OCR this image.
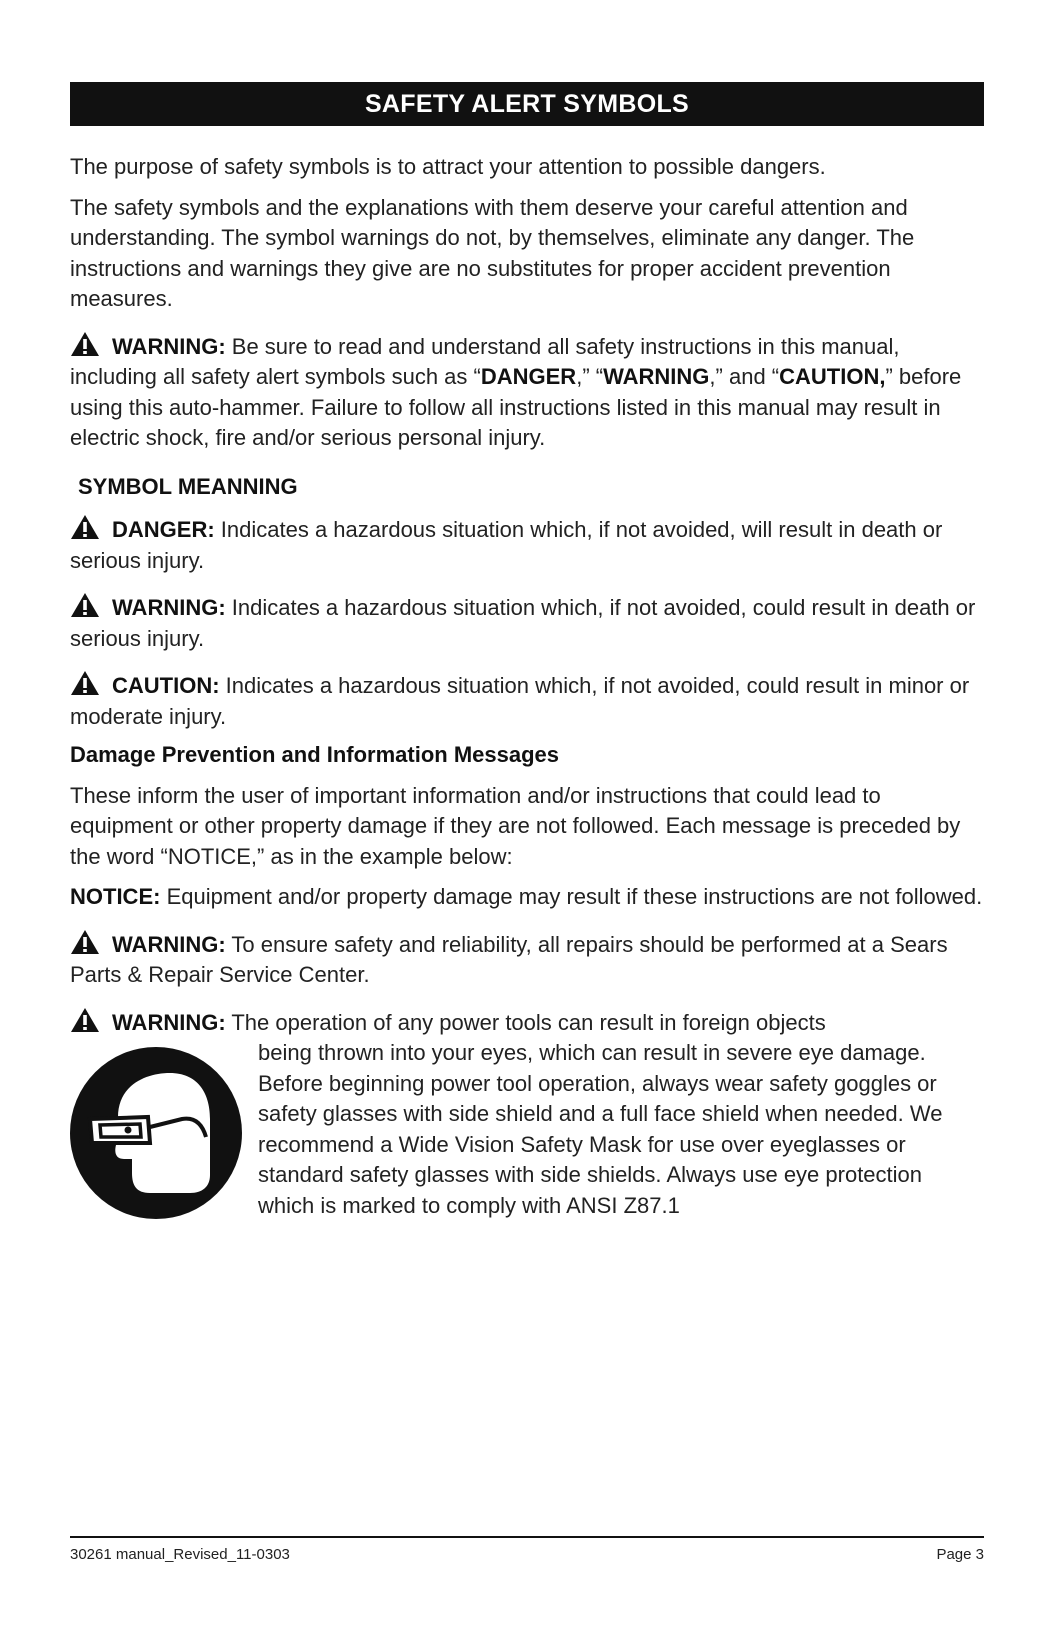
SAFETY ALERT SYMBOLS

The purpose of safety symbols is to attract your attention to possible dangers.

The safety symbols and the explanations with them deserve your careful attention and understanding. The symbol warnings do not, by themselves, eliminate any danger. The instructions and warnings they give are no substitutes for proper accident prevention measures.

WARNING: Be sure to read and understand all safety instructions in this manual, including all safety alert symbols such as “DANGER,” “WARNING,” and “CAUTION,” before using this auto-hammer. Failure to follow all instructions listed in this manual may result in electric shock, fire and/or serious personal injury.

SYMBOL MEANNING

DANGER: Indicates a hazardous situation which, if not avoided, will result in death or serious injury.

WARNING: Indicates a hazardous situation which, if not avoided, could result in death or serious injury.

CAUTION: Indicates a hazardous situation which, if not avoided, could result in minor or moderate injury.

Damage Prevention and Information Messages

These inform the user of important information and/or instructions that could lead to equipment or other property damage if they are not followed. Each message is preceded by the word “NOTICE,” as in the example below:

NOTICE: Equipment and/or property damage may result if these instructions are not followed.

WARNING: To ensure safety and reliability, all repairs should be performed at a Sears Parts & Repair Service Center.

WARNING: The operation of any power tools can result in foreign objects

being thrown into your eyes, which can result in severe eye damage. Before beginning power tool operation, always wear safety goggles or safety glasses with side shield and a full face shield when needed. We recommend a Wide Vision Safety Mask for use over eyeglasses or standard safety glasses with side shields. Always use eye protection which is marked to comply with ANSI Z87.1

30261 manual_Revised_11-0303	Page 3
